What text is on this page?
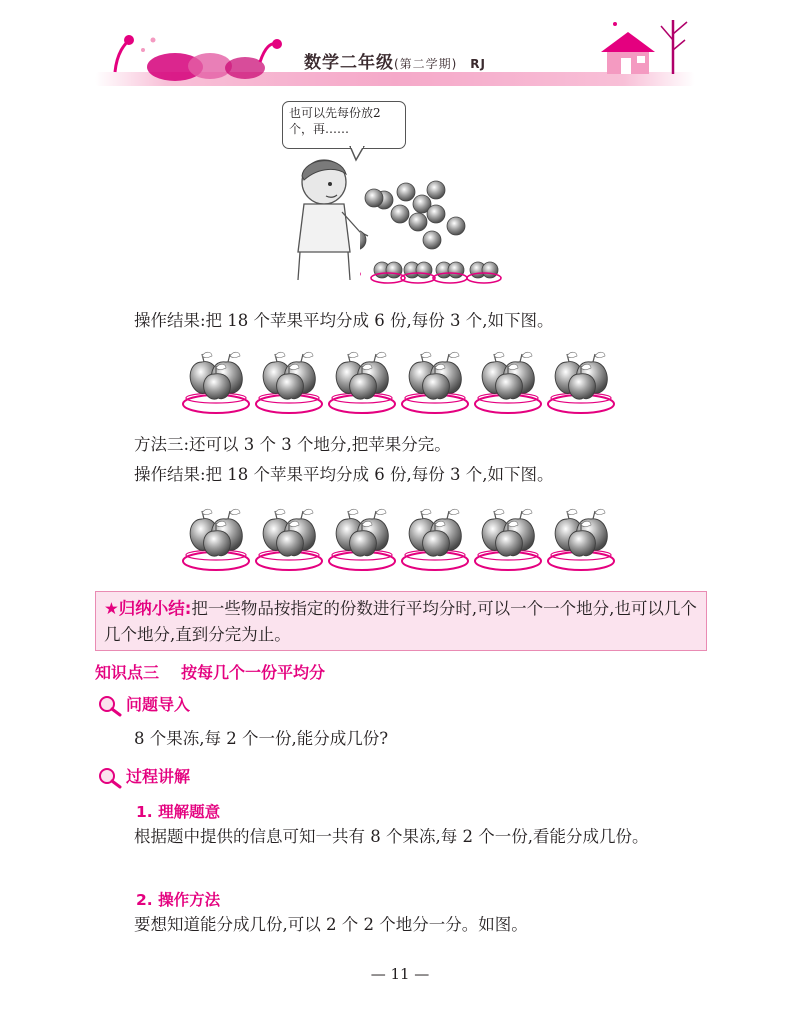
数学二年级(第二学期) RJ
也可以先每份放2个，再……
操作结果:把 18 个苹果平均分成 6 份,每份 3 个,如下图。
方法三:还可以 3 个 3 个地分,把苹果分完。
操作结果:把 18 个苹果平均分成 6 份,每份 3 个,如下图。
★归纳小结:把一些物品按指定的份数进行平均分时,可以一个一个地分,也可以几个几个地分,直到分完为止。
知识点三 按每几个一份平均分
问题导入
8 个果冻,每 2 个一份,能分成几份?
过程讲解
1. 理解题意
根据题中提供的信息可知一共有 8 个果冻,每 2 个一份,看能分成几份。
2. 操作方法
要想知道能分成几份,可以 2 个 2 个地分一分。如图。
— 11 —
